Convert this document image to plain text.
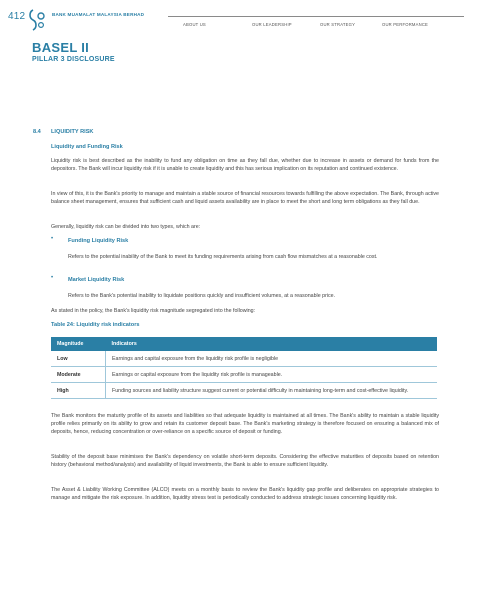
412	BANK MUAMALAT MALAYSIA BERHAD
ABOUT US	OUR LEADERSHIP	OUR STRATEGY	OUR PERFORMANCE
BASEL II
PILLAR 3 DISCLOSURE
8.4 LIQUIDITY RISK
Liquidity and Funding Risk

Liquidity risk is best described as the inability to fund any obligation on time as they fall due, whether due to increase in assets or demand for funds from the depositors. The Bank will incur liquidity risk if it is unable to create liquidity and this has serious implication on its reputation and continued existence.

In view of this, it is the Bank's priority to manage and maintain a stable source of financial resources towards fulfilling the above expectation. The Bank, through active balance sheet management, ensures that sufficient cash and liquid assets availability are in place to meet the short and long term obligations as they fall due.

Generally, liquidity risk can be divided into two types, which are:

•	Funding Liquidity Risk

Refers to the potential inability of the Bank to meet its funding requirements arising from cash flow mismatches at a reasonable cost.

•	Market Liquidity Risk

Refers to the Bank's potential inability to liquidate positions quickly and insufficient volumes, at a reasonable price.

As stated in the policy, the Bank's liquidity risk magnitude segregated into the following:

Table 24: Liquidity risk indicators
Magnitude	Indicators
Low	Earnings and capital exposure from the liquidity risk profile is negligible
Moderate	Earnings or capital exposure from the liquidity risk profile is manageable.
High	Funding sources and liability structure suggest current or potential difficulty in maintaining long-term and cost-effective liquidity.

The Bank monitors the maturity profile of its assets and liabilities so that adequate liquidity is maintained at all times. The Bank's ability to maintain a stable liquidity profile relies primarily on its ability to grow and retain its customer deposit base. The Bank's marketing strategy is therefore focused on ensuring a balanced mix of deposits, hence, reducing concentration or over-reliance on a specific source of deposit or funding.

Stability of the deposit base minimises the Bank's dependency on volatile short-term deposits. Considering the effective maturities of deposits based on retention history (behavioral method/analysis) and availability of liquid investments, the Bank is able to ensure sufficient liquidity.

The Asset & Liability Working Committee (ALCO) meets on a monthly basis to review the Bank's liquidity gap profile and deliberates on appropriate strategies to manage and mitigate the risk exposure. In addition, liquidity stress test is periodically conducted to address strategic issues concerning liquidity risk.
